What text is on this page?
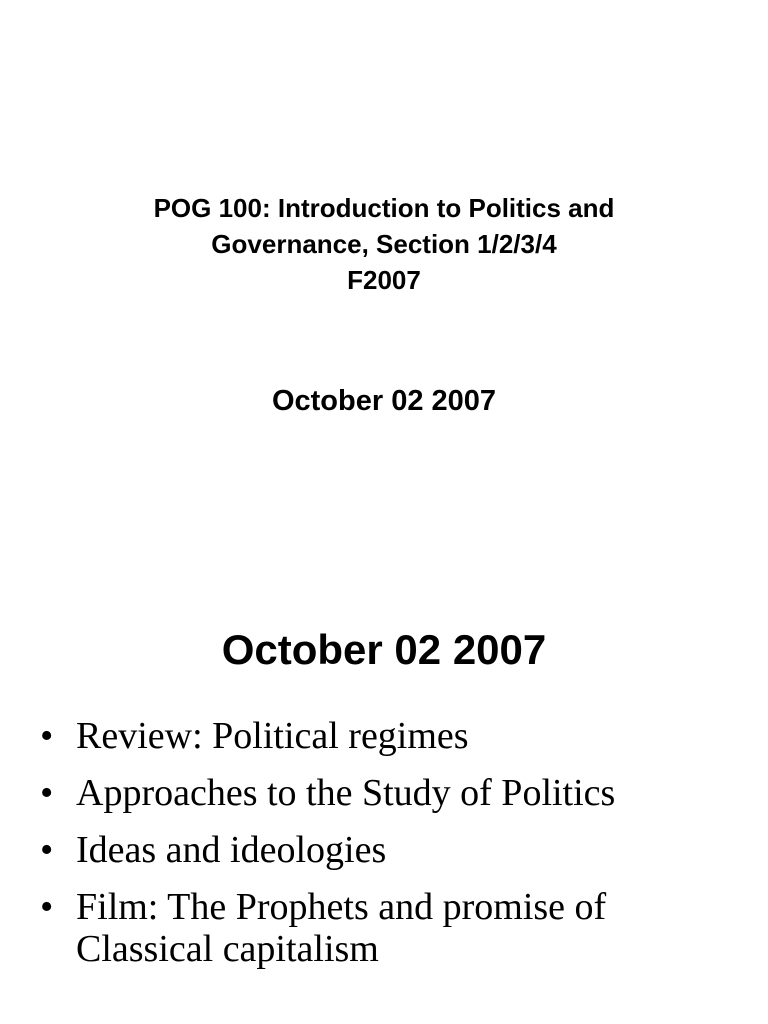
POG 100: Introduction to Politics and
Governance, Section 1/2/3/4
F2007
October 02 2007
October 02 2007
• Review: Political regimes
• Approaches to the Study of Politics
• Ideas and ideologies
• Film: The Prophets and promise of Classical capitalism
